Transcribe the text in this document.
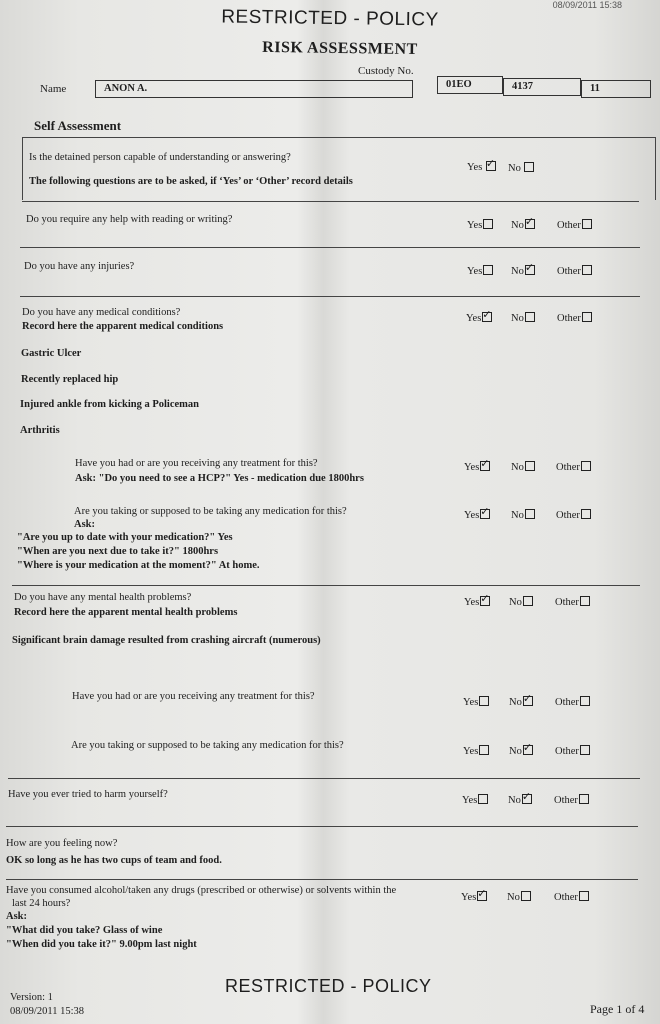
08/09/2011 15:38
RESTRICTED - POLICY
RISK ASSESSMENT
Name	ANON A.
Custody No.
01EO	4137	11
Self Assessment
Is the detained person capable of understanding or answering?
Yes ✓	No
The following questions are to be asked, if ‘Yes’ or ‘Other’ record details
Do you require any help with reading or writing?
Yes	No ✓	Other
Do you have any injuries?	Yes	No ✓	Other
Do you have any medical conditions?
Record here the apparent medical conditions
Yes ✓	No	Other
Gastric Ulcer
Recently replaced hip
Injured ankle from kicking a Policeman
Arthritis
Have you had or are you receiving any treatment for this?
Ask: "Do you need to see a HCP?" Yes - medication due 1800hrs
Yes ✓	No	Other
Are you taking or supposed to be taking any medication for this?
Ask:
"Are you up to date with your medication?" Yes
"When are you next due to take it?" 1800hrs
"Where is your medication at the moment?" At home.
Yes ✓	No	Other
Do you have any mental health problems?
Record here the apparent mental health problems
Yes ✓	No	Other
Significant brain damage resulted from crashing aircraft (numerous)
Have you had or are you receiving any treatment for this?
Yes	No ✓	Other
Are you taking or supposed to be taking any medication for this?
Yes	No ✓	Other
Have you ever tried to harm yourself?
Yes	No ✓	Other
How are you feeling now?
OK so long as he has two cups of team and food.
Have you consumed alcohol/taken any drugs (prescribed or otherwise) or solvents within the
last 24 hours?
Yes ✓	No	Other
Ask:
"What did you take? Glass of wine
"When did you take it?" 9.00pm last night
RESTRICTED - POLICY
Version: 1
08/09/2011 15:38	Page 1 of 4
